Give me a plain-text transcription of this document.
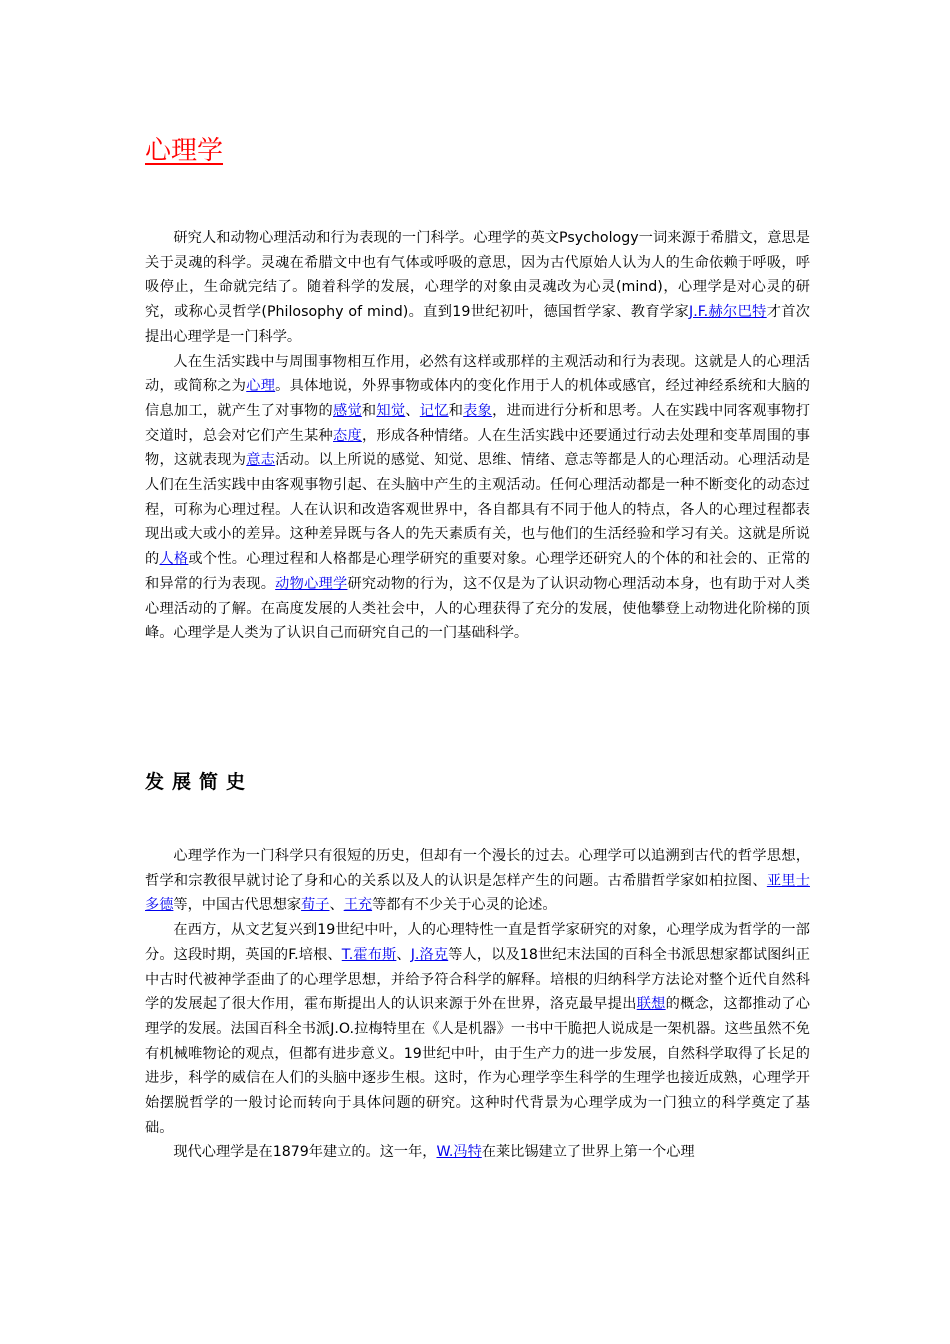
心理学

研究人和动物心理活动和行为表现的一门科学。心理学的英文Psychology一词来源于希腊文，意思是关于灵魂的科学。灵魂在希腊文中也有气体或呼吸的意思，因为古代原始人认为人的生命依赖于呼吸，呼吸停止，生命就完结了。随着科学的发展，心理学的对象由灵魂改为心灵(mind)，心理学是对心灵的研究，或称心灵哲学(Philosophy of mind)。直到19世纪初叶，德国哲学家、教育学家J.F.赫尔巴特才首次提出心理学是一门科学。

人在生活实践中与周围事物相互作用，必然有这样或那样的主观活动和行为表现。这就是人的心理活动，或简称之为心理。具体地说，外界事物或体内的变化作用于人的机体或感官，经过神经系统和大脑的信息加工，就产生了对事物的感觉和知觉、记忆和表象，进而进行分析和思考。人在实践中同客观事物打交道时，总会对它们产生某种态度，形成各种情绪。人在生活实践中还要通过行动去处理和变革周围的事物，这就表现为意志活动。以上所说的感觉、知觉、思维、情绪、意志等都是人的心理活动。心理活动是人们在生活实践中由客观事物引起、在头脑中产生的主观活动。任何心理活动都是一种不断变化的动态过程，可称为心理过程。人在认识和改造客观世界中，各自都具有不同于他人的特点，各人的心理过程都表现出或大或小的差异。这种差异既与各人的先天素质有关，也与他们的生活经验和学习有关。这就是所说的人格或个性。心理过程和人格都是心理学研究的重要对象。心理学还研究人的个体的和社会的、正常的和异常的行为表现。动物心理学研究动物的行为，这不仅是为了认识动物心理活动本身，也有助于对人类心理活动的了解。在高度发展的人类社会中，人的心理获得了充分的发展，使他攀登上动物进化阶梯的顶峰。心理学是人类为了认识自己而研究自己的一门基础科学。

发展简史

心理学作为一门科学只有很短的历史，但却有一个漫长的过去。心理学可以追溯到古代的哲学思想，哲学和宗教很早就讨论了身和心的关系以及人的认识是怎样产生的问题。古希腊哲学家如柏拉图、亚里士多德等，中国古代思想家荀子、王充等都有不少关于心灵的论述。

在西方，从文艺复兴到19世纪中叶，人的心理特性一直是哲学家研究的对象，心理学成为哲学的一部分。这段时期，英国的F.培根、T.霍布斯、J.洛克等人，以及18世纪末法国的百科全书派思想家都试图纠正中古时代被神学歪曲了的心理学思想，并给予符合科学的解释。培根的归纳科学方法论对整个近代自然科学的发展起了很大作用，霍布斯提出人的认识来源于外在世界，洛克最早提出联想的概念，这都推动了心理学的发展。法国百科全书派J.O.拉梅特里在《人是机器》一书中干脆把人说成是一架机器。这些虽然不免有机械唯物论的观点，但都有进步意义。19世纪中叶，由于生产力的进一步发展，自然科学取得了长足的进步，科学的威信在人们的头脑中逐步生根。这时，作为心理学孪生科学的生理学也接近成熟，心理学开始摆脱哲学的一般讨论而转向于具体问题的研究。这种时代背景为心理学成为一门独立的科学奠定了基础。

现代心理学是在1879年建立的。这一年，W.冯特在莱比锡建立了世界上第一个心理
